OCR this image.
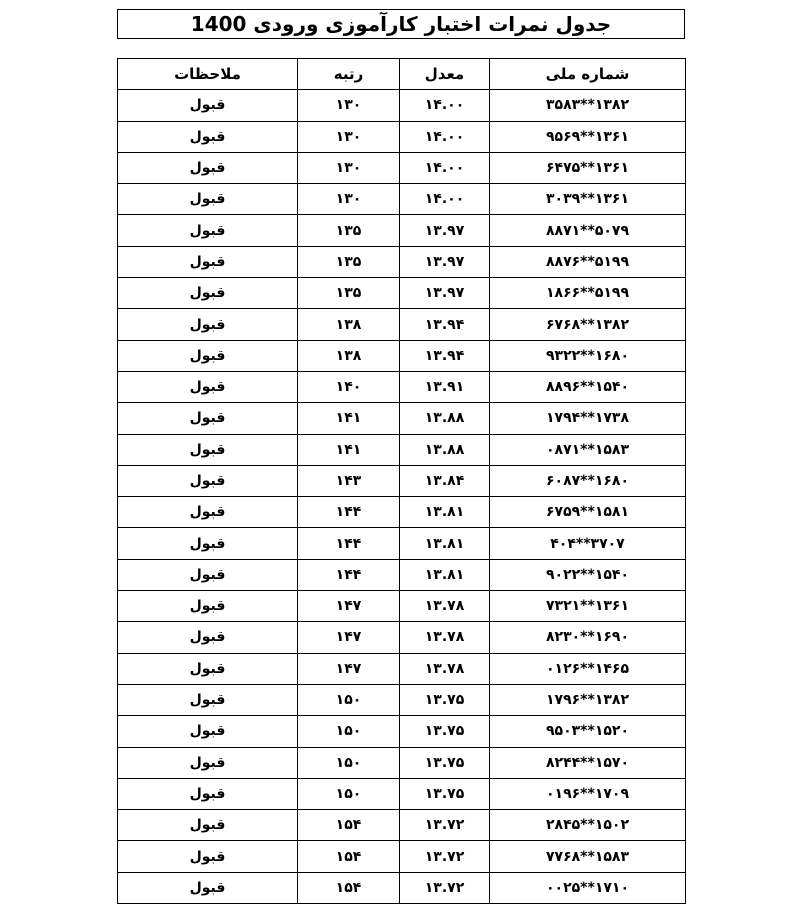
جدول نمرات اختبار کارآموزی ورودی 1400
شماره ملی	معدل	رتبه	ملاحظات
۱۳۸۲**۳۵۸۳	۱۴.۰۰	۱۳۰	قبول
۱۳۶۱**۹۵۶۹	۱۴.۰۰	۱۳۰	قبول
۱۳۶۱**۶۴۷۵	۱۴.۰۰	۱۳۰	قبول
۱۳۶۱**۳۰۳۹	۱۴.۰۰	۱۳۰	قبول
۵۰۷۹**۸۸۷۱	۱۳.۹۷	۱۳۵	قبول
۵۱۹۹**۸۸۷۶	۱۳.۹۷	۱۳۵	قبول
۵۱۹۹**۱۸۶۶	۱۳.۹۷	۱۳۵	قبول
۱۳۸۲**۶۷۶۸	۱۳.۹۴	۱۳۸	قبول
۱۶۸۰**۹۳۲۲	۱۳.۹۴	۱۳۸	قبول
۱۵۴۰**۸۸۹۶	۱۳.۹۱	۱۴۰	قبول
۱۷۳۸**۱۷۹۴	۱۳.۸۸	۱۴۱	قبول
۱۵۸۳**۰۸۷۱	۱۳.۸۸	۱۴۱	قبول
۱۶۸۰**۶۰۸۷	۱۳.۸۴	۱۴۳	قبول
۱۵۸۱**۶۷۵۹	۱۳.۸۱	۱۴۴	قبول
۳۷۰۷**۴۰۴	۱۳.۸۱	۱۴۴	قبول
۱۵۴۰**۹۰۲۲	۱۳.۸۱	۱۴۴	قبول
۱۳۶۱**۷۳۲۱	۱۳.۷۸	۱۴۷	قبول
۱۶۹۰**۸۲۳۰	۱۳.۷۸	۱۴۷	قبول
۱۴۶۵**۰۱۲۶	۱۳.۷۸	۱۴۷	قبول
۱۳۸۲**۱۷۹۶	۱۳.۷۵	۱۵۰	قبول
۱۵۲۰**۹۵۰۳	۱۳.۷۵	۱۵۰	قبول
۱۵۷۰**۸۲۴۴	۱۳.۷۵	۱۵۰	قبول
۱۷۰۹**۰۱۹۶	۱۳.۷۵	۱۵۰	قبول
۱۵۰۲**۲۸۴۵	۱۳.۷۲	۱۵۴	قبول
۱۵۸۳**۷۷۶۸	۱۳.۷۲	۱۵۴	قبول
۱۷۱۰**۰۰۲۵	۱۳.۷۲	۱۵۴	قبول
